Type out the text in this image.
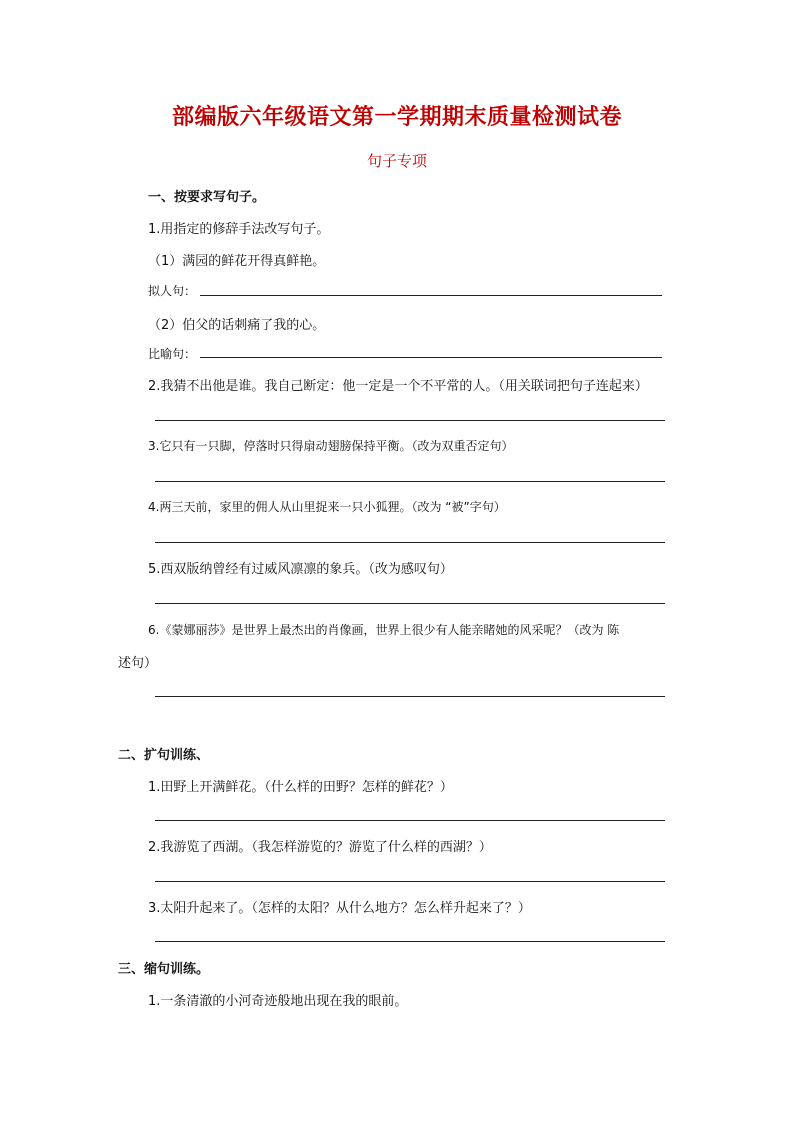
部编版六年级语文第一学期期末质量检测试卷
句子专项
一、按要求写句子。
1.用指定的修辞手法改写句子。
（1）满园的鲜花开得真鲜艳。
拟人句：
（2）伯父的话刺痛了我的心。
比喻句：
2.我猜不出他是谁。我自己断定：他一定是一个不平常的人。（用关联词把句子连起来）
3.它只有一只脚，停落时只得扇动翅膀保持平衡。（改为双重否定句）
4.两三天前，家里的佣人从山里捉来一只小狐狸。（改为 “被”字句）
5.西双版纳曾经有过威风凛凛的象兵。（改为感叹句）
6.《蒙娜丽莎》是世界上最杰出的肖像画，世界上很少有人能亲睹她的风采呢？（改为 陈
述句）
二、扩句训练、
1.田野上开满鲜花。（什么样的田野？怎样的鲜花？）
2.我游览了西湖。（我怎样游览的？游览了什么样的西湖？）
3.太阳升起来了。（怎样的太阳？从什么地方？怎么样升起来了？）
三、缩句训练。
1.一条清澈的小河奇迹般地出现在我的眼前。
